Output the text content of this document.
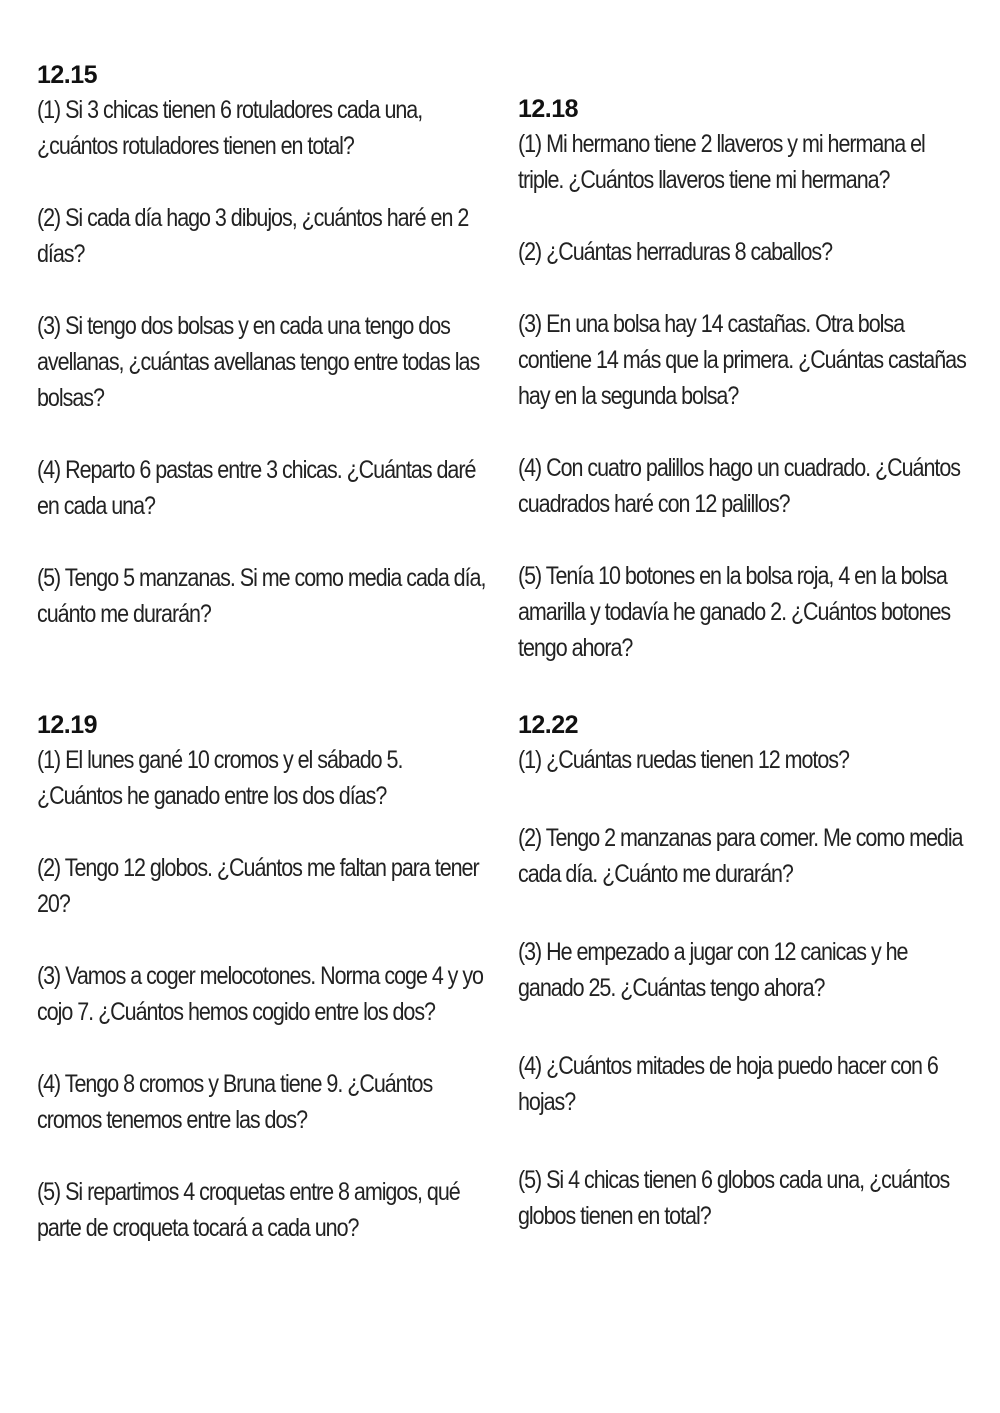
12.15

(1) Si 3 chicas tienen 6 rotuladores cada una, ¿cuántos rotuladores tienen en total?

(2) Si cada día hago 3 dibujos, ¿cuántos haré en 2 días?

(3) Si tengo dos bolsas y en cada una tengo dos avellanas, ¿cuántas avellanas tengo entre todas las bolsas?

(4) Reparto 6 pastas entre 3 chicas. ¿Cuántas daré en cada una?

(5) Tengo 5 manzanas. Si me como media cada día, cuánto me durarán?

12.18

(1) Mi hermano tiene 2 llaveros y mi hermana el triple. ¿Cuántos llaveros tiene mi hermana?

(2) ¿Cuántas herraduras 8 caballos?

(3) En una bolsa hay 14 castañas. Otra bolsa contiene 14 más que la primera. ¿Cuántas castañas hay en la segunda bolsa?

(4) Con cuatro palillos hago un cuadrado. ¿Cuántos cuadrados haré con 12 palillos?

(5) Tenía 10 botones en la bolsa roja, 4 en la bolsa amarilla y todavía he ganado 2. ¿Cuántos botones tengo ahora?

12.19

(1) El lunes gané 10 cromos y el sábado 5. ¿Cuántos he ganado entre los dos días?

(2) Tengo 12 globos. ¿Cuántos me faltan para tener 20?

(3) Vamos a coger melocotones. Norma coge 4 y yo cojo 7. ¿Cuántos hemos cogido entre los dos?

(4) Tengo 8 cromos y Bruna tiene 9. ¿Cuántos cromos tenemos entre las dos?

(5) Si repartimos 4 croquetas entre 8 amigos, qué parte de croqueta tocará a cada uno?

12.22

(1) ¿Cuántas ruedas tienen 12 motos?

(2) Tengo 2 manzanas para comer. Me como media cada día. ¿Cuánto me durarán?

(3) He empezado a jugar con 12 canicas y he ganado 25. ¿Cuántas tengo ahora?

(4) ¿Cuántos mitades de hoja puedo hacer con 6 hojas?

(5) Si 4 chicas tienen 6 globos cada una, ¿cuántos globos tienen en total?
